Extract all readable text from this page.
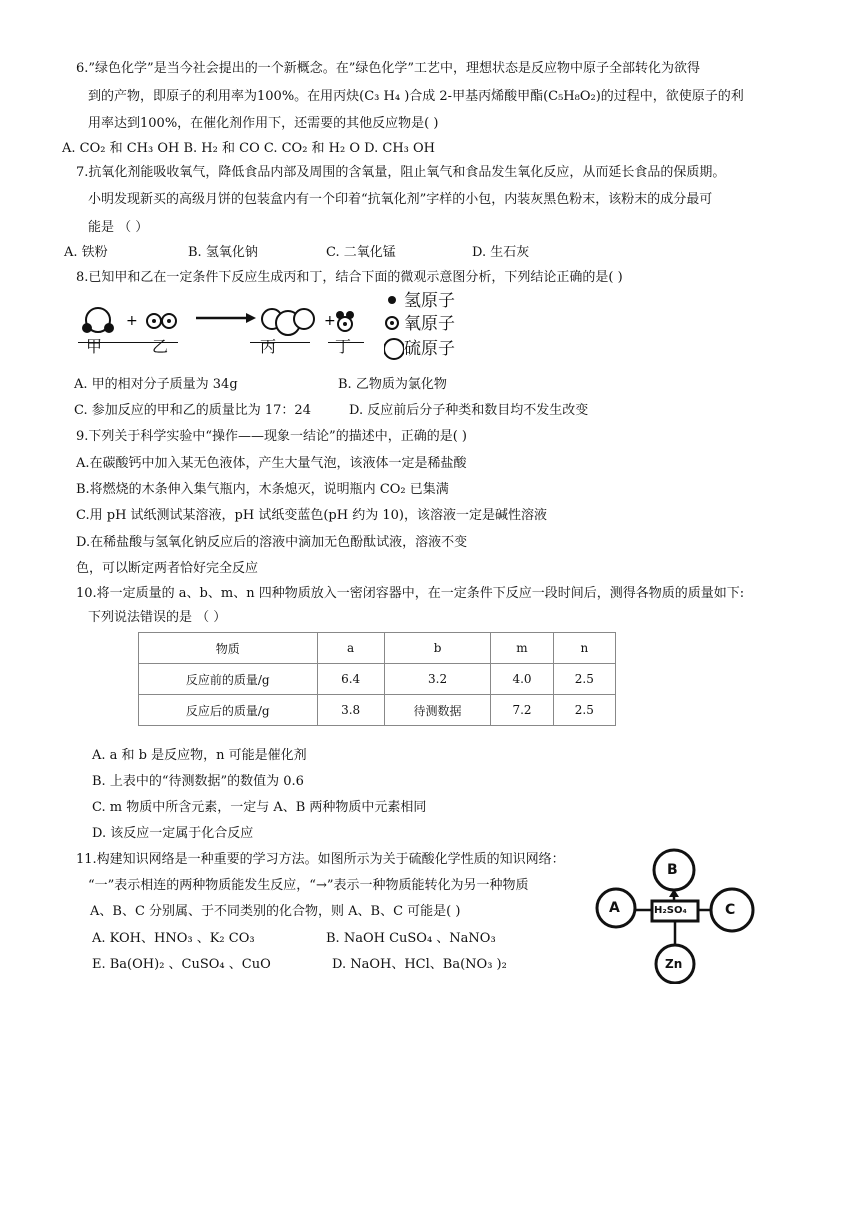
6.”绿色化学”是当今社会提出的一个新概念。在”绿色化学”工艺中，理想状态是反应物中原子全部转化为欲得
到的产物，即原子的利用率为100%。在用丙炔(C₃ H₄ )合成 2-甲基丙烯酸甲酯(C₅H₈O₂)的过程中，欲使原子的利
用率达到100%，在催化剂作用下，还需要的其他反应物是( )
A. CO₂ 和 CH₃ OH B. H₂ 和 CO C. CO₂ 和 H₂ O D. CH₃ OH
7.抗氧化剂能吸收氧气，降低食品内部及周围的含氧量，阻止氧气和食品发生氧化反应，从而延长食品的保质期。
小明发现新买的高级月饼的包装盒内有一个印着“抗氧化剂”字样的小包，内装灰黑色粉末，该粉末的成分最可
能是 （ ）
A. 铁粉	B. 氢氧化钠	C. 二氧化锰	D. 生石灰
8.已知甲和乙在一定条件下反应生成丙和丁，结合下面的微观示意图分析，下列结论正确的是( )
+	+
甲	乙	丙	丁
氢原子
氧原子
硫原子
A. 甲的相对分子质量为 34g	B. 乙物质为氯化物
C. 参加反应的甲和乙的质量比为 17：24	D. 反应前后分子种类和数目均不发生改变
9.下列关于科学实验中“操作——现象一结论”的描述中，正确的是( )
A.在碳酸钙中加入某无色液体，产生大量气泡，该液体一定是稀盐酸
B.将燃烧的木条伸入集气瓶内，木条熄灭，说明瓶内 CO₂ 已集满
C.用 pH 试纸测试某溶液，pH 试纸变蓝色(pH 约为 10)，该溶液一定是碱性溶液
D.在稀盐酸与氢氧化钠反应后的溶液中滴加无色酚酞试液，溶液不变
色，可以断定两者恰好完全反应
10.将一定质量的 a、b、m、n 四种物质放入一密闭容器中，在一定条件下反应一段时间后，测得各物质的质量如下:
下列说法错误的是 （ ）
物质	a	b	m	n
反应前的质量/g	6.4	3.2	4.0	2.5
反应后的质量/g	3.8	待测数据	7.2	2.5
A. a 和 b 是反应物，n 可能是催化剂
B. 上表中的“待测数据”的数值为 0.6
C. m 物质中所含元素，一定与 A、B 两种物质中元素相同
D. 该反应一定属于化合反应
11.构建知识网络是一种重要的学习方法。如图所示为关于硫酸化学性质的知识网络：
“一”表示相连的两种物质能发生反应，“→”表示一种物质能转化为另一种物质
A、B、C 分别属、于不同类别的化合物，则 A、B、C 可能是( )
A. KOH、HNO₃ 、K₂ CO₃	B. NaOH CuSO₄ 、NaNO₃
E. Ba(OH)₂ 、CuSO₄ 、CuO	D. NaOH、HCl、Ba(NO₃ )₂
B
A	C
H₂SO₄
Zn
